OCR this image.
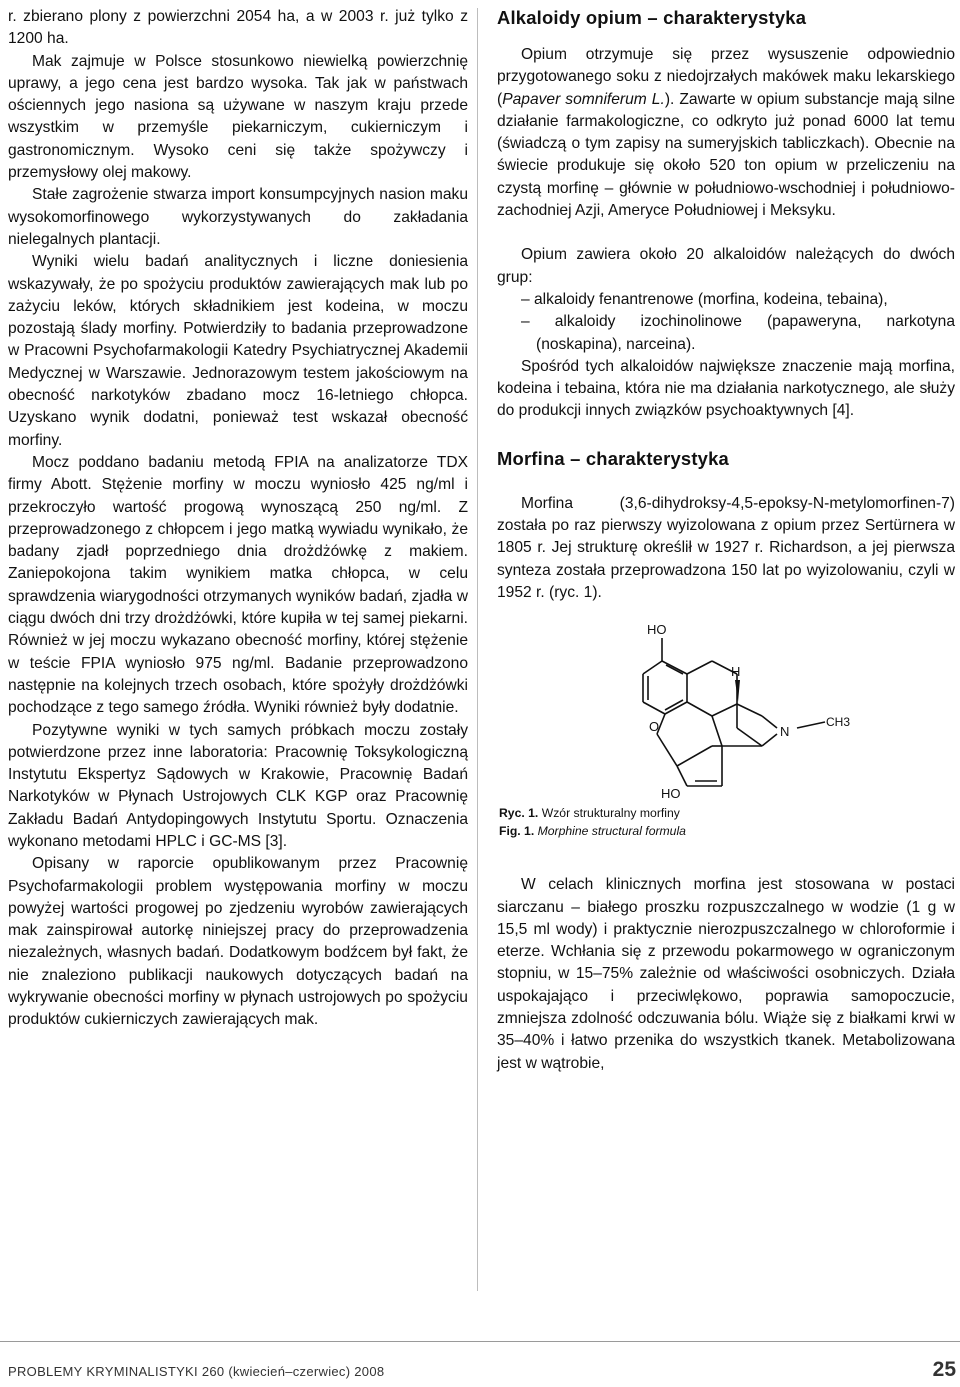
r. zbierano plony z powierzchni 2054 ha, a w 2003 r. już tylko z 1200 ha.

Mak zajmuje w Polsce stosunkowo niewielką powierzchnię uprawy, a jego cena jest bardzo wysoka. Tak jak w państwach ościennych jego nasiona są używane w naszym kraju przede wszystkim w przemyśle piekarniczym, cukierniczym i gastronomicznym. Wysoko ceni się także spożywczy i przemysłowy olej makowy.

Stałe zagrożenie stwarza import konsumpcyjnych nasion maku wysokomorfinowego wykorzystywanych do zakładania nielegalnych plantacji.

Wyniki wielu badań analitycznych i liczne doniesienia wskazywały, że po spożyciu produktów zawierających mak lub po zażyciu leków, których składnikiem jest kodeina, w moczu pozostają ślady morfiny. Potwierdziły to badania przeprowadzone w Pracowni Psychofarmakologii Katedry Psychiatrycznej Akademii Medycznej w Warszawie. Jednorazowym testem jakościowym na obecność narkotyków zbadano mocz 16-letniego chłopca. Uzyskano wynik dodatni, ponieważ test wskazał obecność morfiny.

Mocz poddano badaniu metodą FPIA na analizatorze TDX firmy Abott. Stężenie morfiny w moczu wyniosło 425 ng/ml i przekroczyło wartość progową wynoszącą 250 ng/ml. Z przeprowadzonego z chłopcem i jego matką wywiadu wynikało, że badany zjadł poprzedniego dnia drożdżówkę z makiem. Zaniepokojona takim wynikiem matka chłopca, w celu sprawdzenia wiarygodności otrzymanych wyników badań, zjadła w ciągu dwóch dni trzy drożdżówki, które kupiła w tej samej piekarni. Również w jej moczu wykazano obecność morfiny, której stężenie w teście FPIA wyniosło 975 ng/ml. Badanie przeprowadzono następnie na kolejnych trzech osobach, które spożyły drożdżówki pochodzące z tego samego źródła. Wyniki również były dodatnie.

Pozytywne wyniki w tych samych próbkach moczu zostały potwierdzone przez inne laboratoria: Pracownię Toksykologiczną Instytutu Ekspertyz Sądowych w Krakowie, Pracownię Badań Narkotyków w Płynach Ustrojowych CLK KGP oraz Pracownię Zakładu Badań Antydopingowych Instytutu Sportu. Oznaczenia wykonano metodami HPLC i GC-MS [3].

Opisany w raporcie opublikowanym przez Pracownię Psychofarmakologii problem występowania morfiny w moczu powyżej wartości progowej po zjedzeniu wyrobów zawierających mak zainspirował autorkę niniejszej pracy do przeprowadzenia niezależnych, własnych badań. Dodatkowym bodźcem był fakt, że nie znaleziono publikacji naukowych dotyczących badań na wykrywanie obecności morfiny w płynach ustrojowych po spożyciu produktów cukierniczych zawierających mak.

Alkaloidy opium – charakterystyka

Opium otrzymuje się przez wysuszenie odpowiednio przygotowanego soku z niedojrzałych makówek maku lekarskiego (Papaver somniferum L.). Zawarte w opium substancje mają silne działanie farmakologiczne, co odkryto już ponad 6000 lat temu (świadczą o tym zapisy na sumeryjskich tabliczkach). Obecnie na świecie produkuje się około 520 ton opium w przeliczeniu na czystą morfinę – głównie w południowo-wschodniej i południowo-zachodniej Azji, Ameryce Południowej i Meksyku.

Opium zawiera około 20 alkaloidów należących do dwóch grup:

– alkaloidy fenantrenowe (morfina, kodeina, tebaina),

– alkaloidy izochinolinowe (papaweryna, narkotyna (noskapina), narceina).

Spośród tych alkaloidów największe znaczenie mają morfina, kodeina i tebaina, która nie ma działania narkotycznego, ale służy do produkcji innych związków psychoaktywnych [4].

Morfina – charakterystyka

Morfina (3,6-dihydroksy-4,5-epoksy-N-metylomorfinen-7) została po raz pierwszy wyizolowana z opium przez Sertürnera w 1805 r. Jej strukturę określił w 1927 r. Richardson, a jej pierwsza synteza została przeprowadzona 150 lat po wyizolowaniu, czyli w 1952 r. (ryc. 1).

HO
O
H
N
CH3
HO
Ryc. 1. Wzór strukturalny morfiny
Fig. 1. Morphine structural formula

W celach klinicznych morfina jest stosowana w postaci siarczanu – białego proszku rozpuszczalnego w wodzie (1 g w 15,5 ml wody) i praktycznie nierozpuszczalnego w chloroformie i eterze. Wchłania się z przewodu pokarmowego w ograniczonym stopniu, w 15–75% zależnie od właściwości osobniczych. Działa uspokajająco i przeciwlękowo, poprawia samopoczucie, zmniejsza zdolność odczuwania bólu. Wiąże się z białkami krwi w 35–40% i łatwo przenika do wszystkich tkanek. Metabolizowana jest w wątrobie,

PROBLEMY KRYMINALISTYKI 260 (kwiecień–czerwiec) 2008	25
